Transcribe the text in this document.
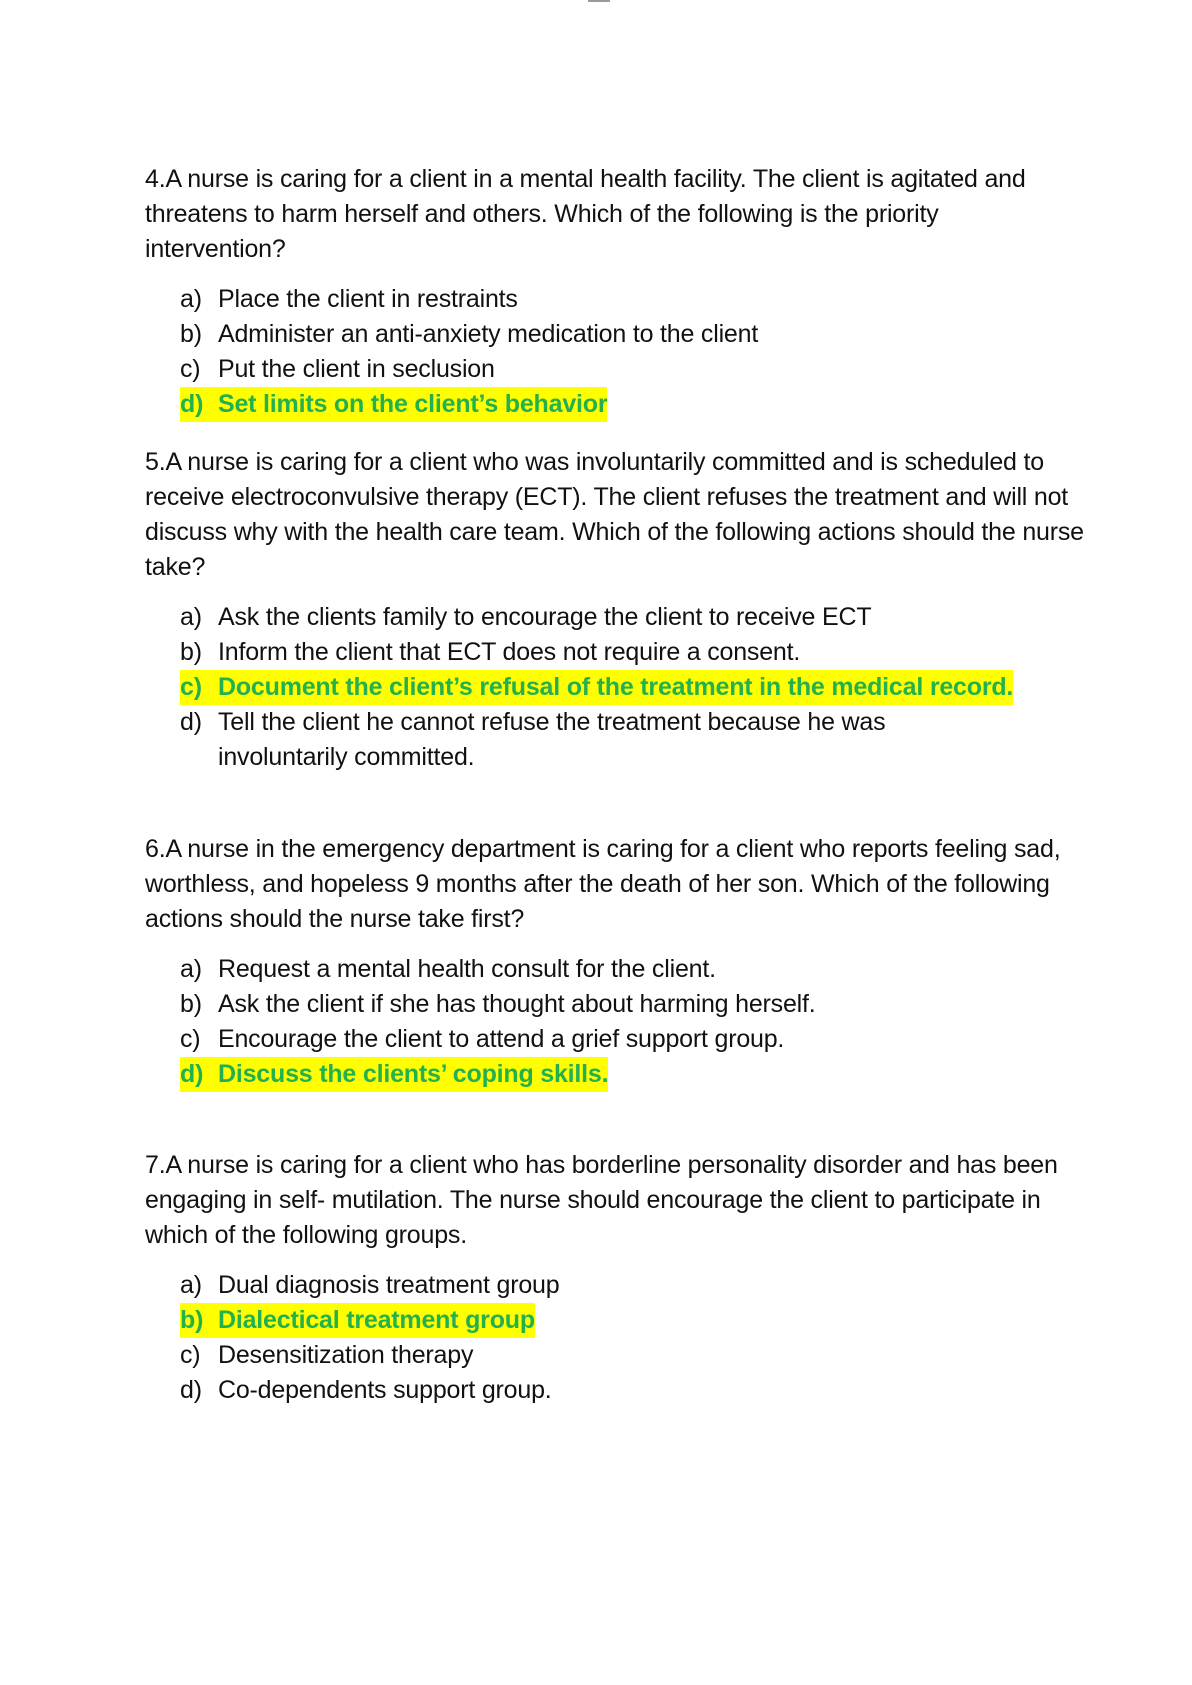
4.A nurse is caring for a client in a mental health facility. The client is agitated and threatens to harm herself and others. Which of the following is the priority intervention?

a) Place the client in restraints
b) Administer an anti-anxiety medication to the client
c) Put the client in seclusion
d) Set limits on the client’s behavior

5.A nurse is caring for a client who was involuntarily committed and is scheduled to receive electroconvulsive therapy (ECT). The client refuses the treatment and will not discuss why with the health care team. Which of the following actions should the nurse take?

a) Ask the clients family to encourage the client to receive ECT
b) Inform the client that ECT does not require a consent.
c) Document the client’s refusal of the treatment in the medical record.
d) Tell the client he cannot refuse the treatment because he was involuntarily committed.

6.A nurse in the emergency department is caring for a client who reports feeling sad, worthless, and hopeless 9 months after the death of her son. Which of the following actions should the nurse take first?

a) Request a mental health consult for the client.
b) Ask the client if she has thought about harming herself.
c) Encourage the client to attend a grief support group.
d) Discuss the clients’ coping skills.

7.A nurse is caring for a client who has borderline personality disorder and has been engaging in self- mutilation. The nurse should encourage the client to participate in which of the following groups.

a) Dual diagnosis treatment group
b) Dialectical treatment group
c) Desensitization therapy
d) Co-dependents support group.
